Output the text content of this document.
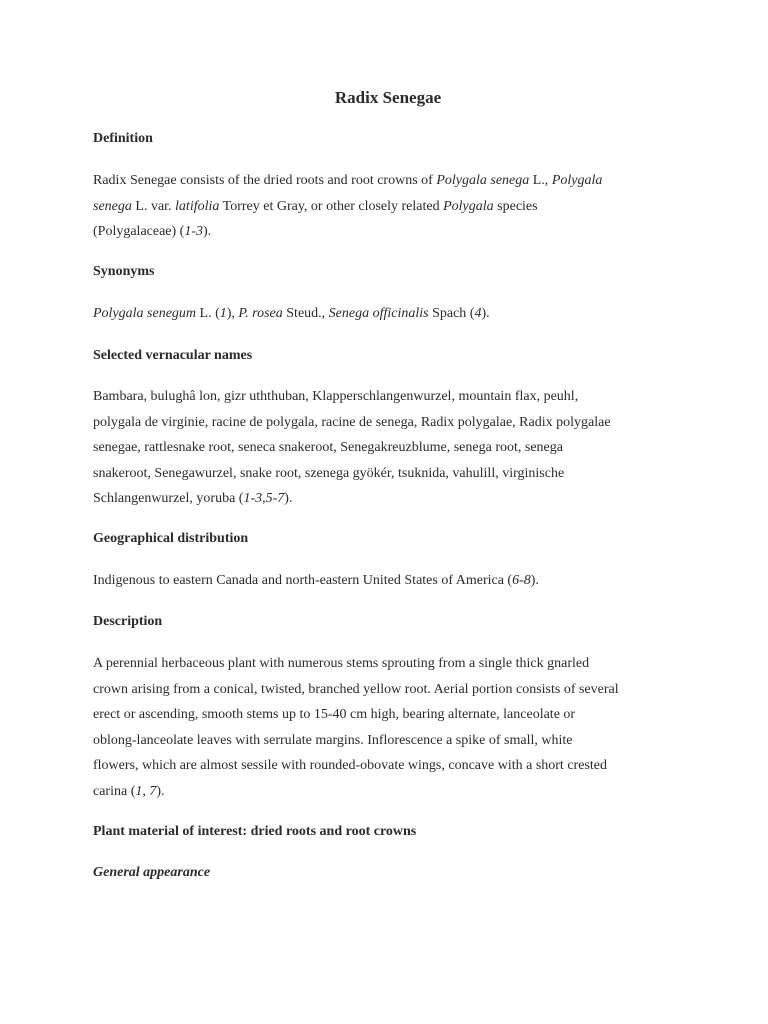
Radix Senegae
Definition

Radix Senegae consists of the dried roots and root crowns of Polygala senega L., Polygala
senega L. var. latifolia Torrey et Gray, or other closely related Polygala species
(Polygalaceae) (1-3).

Synonyms

Polygala senegum L. (1), P. rosea Steud., Senega officinalis Spach (4).

Selected vernacular names

Bambara, bulughâ lon, gizr uththuban, Klapperschlangenwurzel, mountain flax, peuhl,
polygala de virginie, racine de polygala, racine de senega, Radix polygalae, Radix polygalae
senegae, rattlesnake root, seneca snakeroot, Senegakreuzblume, senega root, senega
snakeroot, Senegawurzel, snake root, szenega gyökér, tsuknida, vahulill, virginische
Schlangenwurzel, yoruba (1-3,5-7).

Geographical distribution

Indigenous to eastern Canada and north-eastern United States of America (6-8).

Description

A perennial herbaceous plant with numerous stems sprouting from a single thick gnarled
crown arising from a conical, twisted, branched yellow root. Aerial portion consists of several
erect or ascending, smooth stems up to 15-40 cm high, bearing alternate, lanceolate or
oblong-lanceolate leaves with serrulate margins. Inflorescence a spike of small, white
flowers, which are almost sessile with rounded-obovate wings, concave with a short crested
carina (1, 7).

Plant material of interest: dried roots and root crowns
General appearance
